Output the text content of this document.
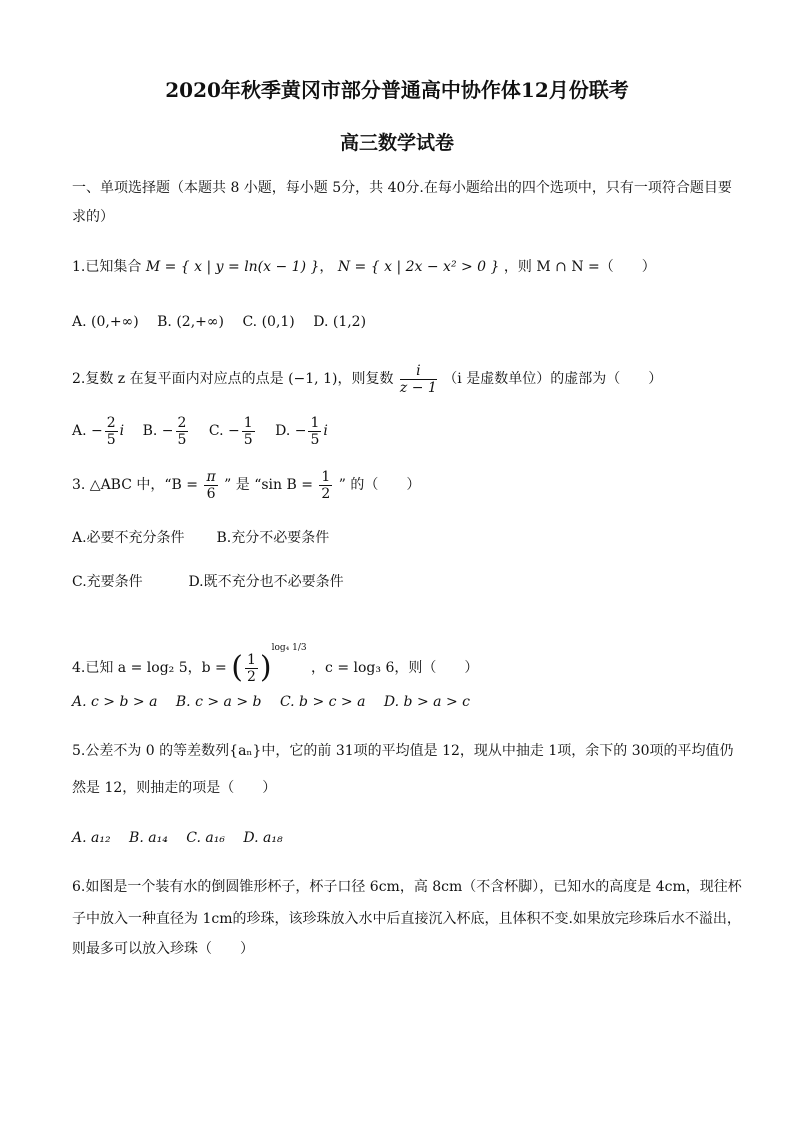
2020年秋季黄冈市部分普通高中协作体12月份联考
高三数学试卷
一、单项选择题（本题共 8 小题，每小题 5分，共 40分.在每小题给出的四个选项中，只有一项符合题目要
求的）
1.已知集合 M = { x | y = ln(x − 1) }， N = { x | 2x − x² > 0 } ，则 M ∩ N =（　　）
A. (0,+∞) B. (2,+∞) C. (0,1) D. (1,2)
2.复数 z 在复平面内对应点的点是 (−1, 1)，则复数 $\frac{i}{z - 1} (i$ 是虚数单位）的虚部为（　　）
A. − $\frac{2}{5}$ i B. − $\frac{2}{5} C$. − $\frac{1}{5} D$. − $\frac{1}{5}$ i
3. △ABC 中，“$B = \frac{\pi}{6}$ ” 是 “sin $B = \frac{1}{2}$ ” 的（　　）
A.必要不充分条件 B.充分不必要条件
C.充要条件	D.既不充分也不必要条件
4.已知 a = log₂ 5，b = ( $\frac{1}{2} )^{log_4 1/3}$ ，c = log₃ 6，则（　　）
A. c > b > a B. c > a > b C. b > c > a D. b > a > c
5.公差不为 0 的等差数列{aₙ}中，它的前 31项的平均值是 12，现从中抽走 1项，余下的 30项的平均值仍
然是 12，则抽走的项是（　　）
A. a₁₂ B. a₁₄ C. a₁₆ D. a₁₈
6.如图是一个装有水的倒圆锥形杯子，杯子口径 6cm，高 8cm（不含杯脚），已知水的高度是 4cm，现往杯
子中放入一种直径为 1cm的珍珠，该珍珠放入水中后直接沉入杯底，且体积不变.如果放完珍珠后水不溢出，
则最多可以放入珍珠（　　）
